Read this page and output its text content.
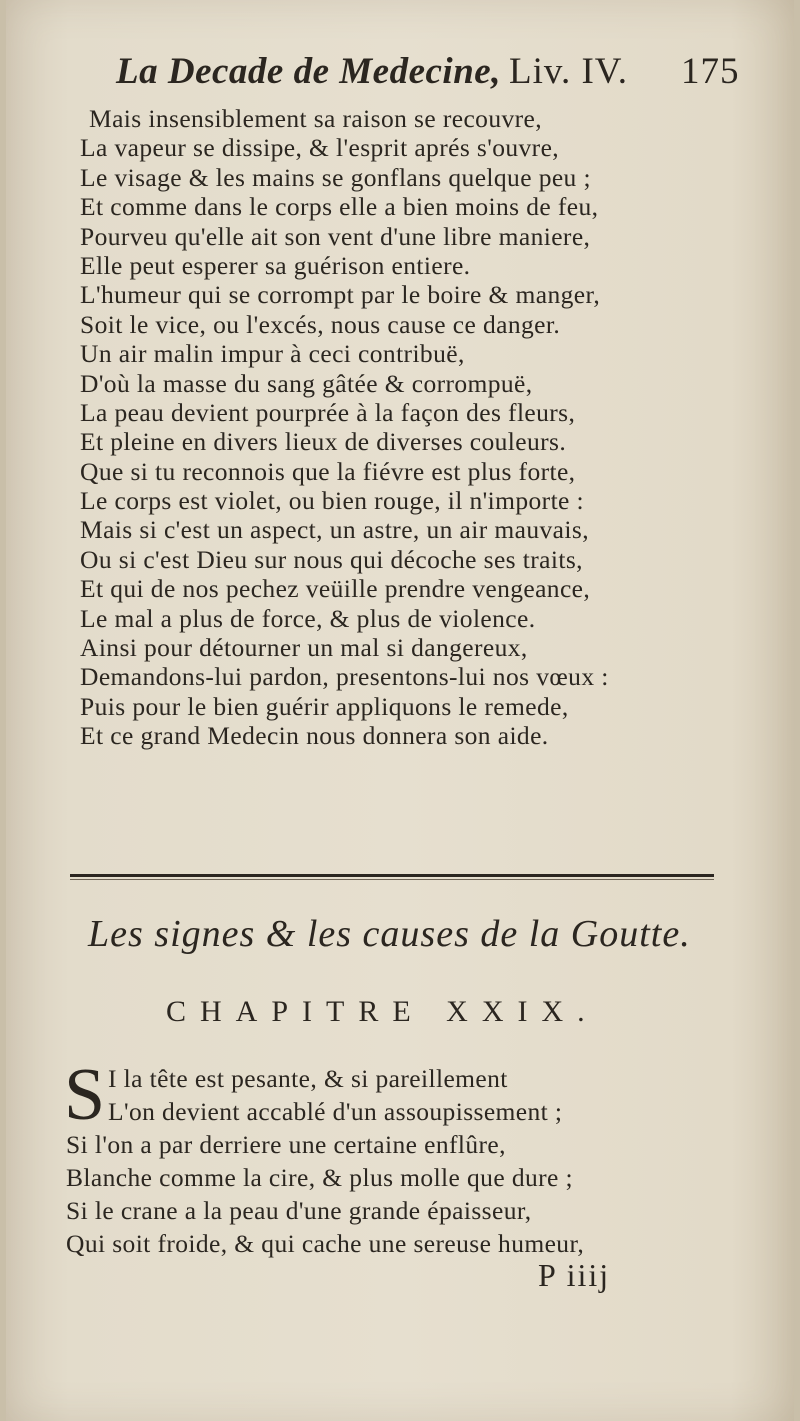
La Decade de Medecine, Liv. IV. 175
Mais insensiblement sa raison se recouvre,
La vapeur se dissipe, & l'esprit aprés s'ouvre,
Le visage & les mains se gonflans quelque peu ;
Et comme dans le corps elle a bien moins de feu,
Pourveu qu'elle ait son vent d'une libre maniere,
Elle peut esperer sa guérison entiere.
L'humeur qui se corrompt par le boire & manger,
Soit le vice, ou l'excés, nous cause ce danger.
Un air malin impur à ceci contribuë,
D'où la masse du sang gâtée & corrompuë,
La peau devient pourprée à la façon des fleurs,
Et pleine en divers lieux de diverses couleurs.
Que si tu reconnois que la fiévre est plus forte,
Le corps est violet, ou bien rouge, il n'importe :
Mais si c'est un aspect, un astre, un air mauvais,
Ou si c'est Dieu sur nous qui décoche ses traits,
Et qui de nos pechez veüille prendre vengeance,
Le mal a plus de force, & plus de violence.
Ainsi pour détourner un mal si dangereux,
Demandons-lui pardon, presentons-lui nos vœux :
Puis pour le bien guérir appliquons le remede,
Et ce grand Medecin nous donnera son aide.
Les signes & les causes de la Goutte.
CHAPITRE XXIX.
S I la tête est pesante, & si pareillement
L'on devient accablé d'un assoupissement ;
Si l'on a par derriere une certaine enflûre,
Blanche comme la cire, & plus molle que dure ;
Si le crane a la peau d'une grande épaisseur,
Qui soit froide, & qui cache une sereuse humeur,
P iiij
